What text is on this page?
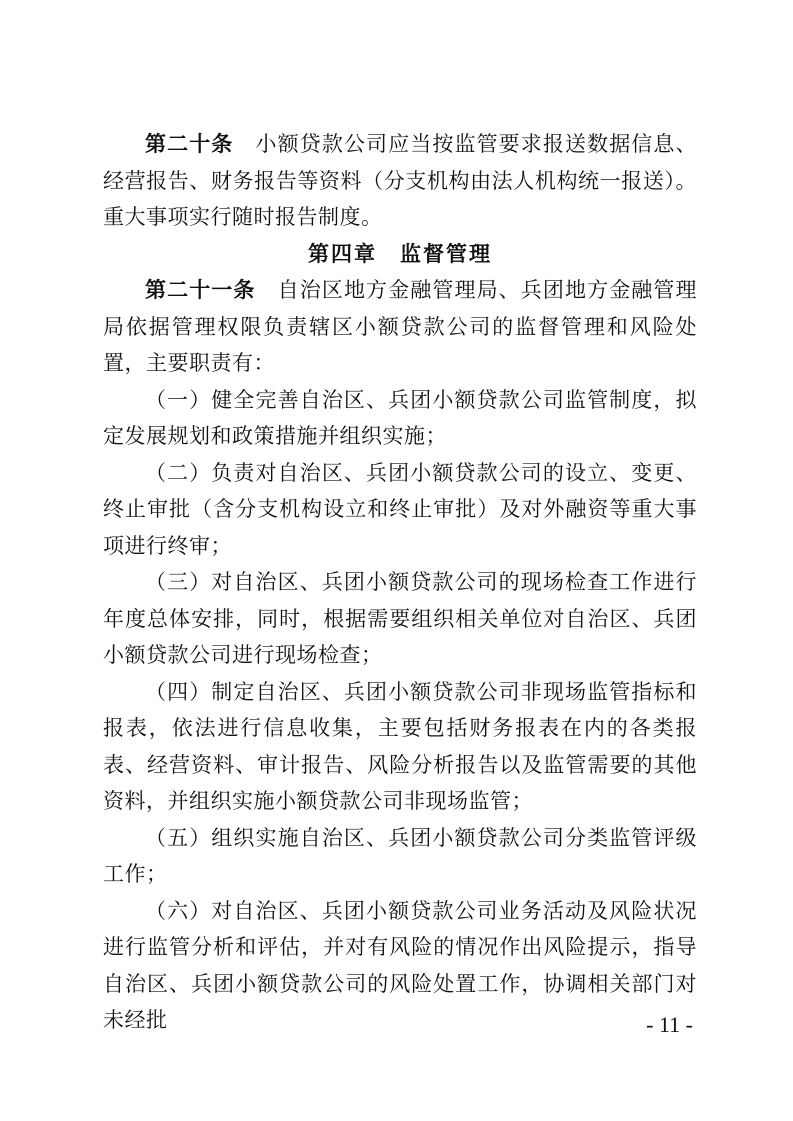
第二十条　 小额贷款公司应当按监管要求报送数据信息、经营报告、财务报告等资料（分支机构由法人机构统一报送）。重大事项实行随时报告制度。

第四章　监督管理

第二十一条　 自治区地方金融管理局、兵团地方金融管理局依据管理权限负责辖区小额贷款公司的监督管理和风险处置，主要职责有：

（一）健全完善自治区、兵团小额贷款公司监管制度，拟定发展规划和政策措施并组织实施；

（二）负责对自治区、兵团小额贷款公司的设立、变更、终止审批（含分支机构设立和终止审批）及对外融资等重大事项进行终审；

（三）对自治区、兵团小额贷款公司的现场检查工作进行年度总体安排，同时，根据需要组织相关单位对自治区、兵团小额贷款公司进行现场检查；

（四）制定自治区、兵团小额贷款公司非现场监管指标和报表，依法进行信息收集，主要包括财务报表在内的各类报表、经营资料、审计报告、风险分析报告以及监管需要的其他资料，并组织实施小额贷款公司非现场监管；

（五）组织实施自治区、兵团小额贷款公司分类监管评级工作；

（六）对自治区、兵团小额贷款公司业务活动及风险状况进行监管分析和评估，并对有风险的情况作出风险提示，指导自治区、兵团小额贷款公司的风险处置工作，协调相关部门对未经批	- 11 -
